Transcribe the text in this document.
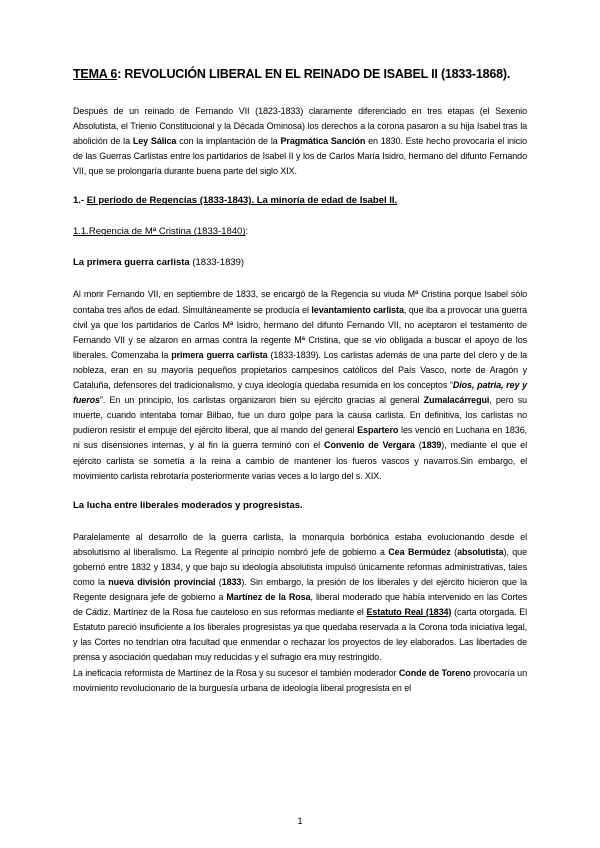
TEMA 6: REVOLUCIÓN LIBERAL EN EL REINADO DE ISABEL II (1833-1868).

Después de un reinado de Fernando VII (1823-1833) claramente diferenciado en tres etapas (el Sexenio Absolutista, el Trienio Constitucional y la Década Ominosa) los derechos a la corona pasaron a su hija Isabel tras la abolición de la Ley Sálica con la implantación de la Pragmática Sanción en 1830. Este hecho provocaría el inicio de las Guerras Carlistas entre los partidarios de Isabel II y los de Carlos María Isidro, hermano del difunto Fernando VII, que se prolongaría durante buena parte del siglo XIX.

1.- El período de Regencias (1833-1843). La minoría de edad de Isabel II.
1.1.Regencia de Mª Cristina (1833-1840):
La primera guerra carlista (1833-1839)

Al morir Fernando VII, en septiembre de 1833, se encargó de la Regencia su viuda Mª Cristina porque Isabel sólo contaba tres años de edad. Simultáneamente se producía el levantamiento carlista, que iba a provocar una guerra civil ya que los partidarios de Carlos Mª Isidro, hermano del difunto Fernando VII, no aceptaron el testamento de Fernando VII y se alzaron en armas contra la regente Mª Cristina, que se vio obligada a buscar el apoyo de los liberales. Comenzaba la primera guerra carlista (1833-1839). Los carlistas además de una parte del clero y de la nobleza, eran en su mayoría pequeños propietarios campesinos católicos del País Vasco, norte de Aragón y Cataluña, defensores del tradicionalismo, y cuya ideología quedaba resumida en los conceptos “Dios, patria, rey y fueros”. En un principio, los carlistas organizaron bien su ejército gracias al general Zumalacárregui, pero su muerte, cuando intentaba tomar Bilbao, fue un duro golpe para la causa carlista. En definitiva, los carlistas no pudieron resistir el empuje del ejército liberal, que al mando del general Espartero les venció en Luchana en 1836, ni sus disensiones internas, y al fin la guerra terminó con el Convenio de Vergara (1839), mediante el que el ejército carlista se sometía a la reina a cambio de mantener los fueros vascos y navarros.Sin embargo, el movimiento carlista rebrotaría posteriormente varias veces a lo largo del s. XIX.

La lucha entre liberales moderados y progresistas.

Paralelamente al desarrollo de la guerra carlista, la monarquía borbónica estaba evolucionando desde el absolutismo al liberalismo. La Regente al principio nombró jefe de gobierno a Cea Bermúdez (absolutista), que gobernó entre 1832 y 1834, y que bajo su ideología absolutista impulsó únicamente reformas administrativas, tales como la nueva división provincial (1833). Sin embargo, la presión de los liberales y del ejército hicieron que la Regente designara jefe de gobierno a Martínez de la Rosa, liberal moderado que había intervenido en las Cortes de Cádiz. Martínez de la Rosa fue cauteloso en sus reformas mediante el Estatuto Real (1834) (carta otorgada. El Estatuto pareció insuficiente a los liberales progresistas ya que quedaba reservada a la Corona toda iniciativa legal, y las Cortes no tendrían otra facultad que enmendar o rechazar los proyectos de ley elaborados. Las libertades de prensa y asociación quedaban muy reducidas y el sufragio era muy restringido.

La ineficacia reformista de Martínez de la Rosa y su sucesor el también moderador Conde de Toreno provocaría un movimiento revolucionario de la burguesía urbana de ideología liberal progresista en el

1
